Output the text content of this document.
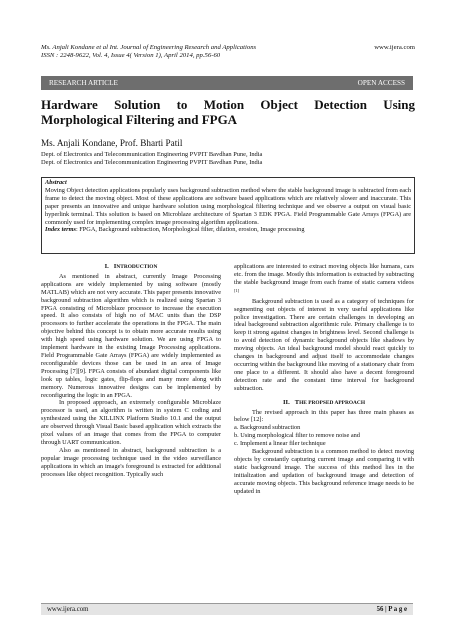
Ms. Anjali Kondane et al Int. Journal of Engineering Research and Applications	www.ijera.com
ISSN : 2248-9622, Vol. 4, Issue 4( Version 1), April 2014, pp.56-60
RESEARCH ARTICLE	OPEN ACCESS
Hardware Solution to Motion Object Detection Using
Morphological Filtering and FPGA
Ms. Anjali Kondane, Prof. Bharti Patil
Dept. of Electronics and Telecommunication Engineering PVPIT Bavdhan Pune, India
Dept. of Electronics and Telecommunication Engineering PVPIT Bavdhan Pune, India
Abstract
Moving Object detection applications popularly uses background subtraction method where the stable background image is subtracted from each frame to detect the moving object. Most of these applications are software based applications which are relatively slower and inaccurate. This paper presents an innovative and unique hardware solution using morphological filtering technique and we observe a output on visual basic hyperlink terminal. This solution is based on Microblaze architecture of Spartan 3 EDK FPGA. Field Programmable Gate Arrays (FPGA) are commonly used for implementing complex image processing algorithm applications.
Index terms: FPGA, Background subtraction, Morphological filter, dilation, erosion, Image processing
I. INTRODUCTION

As mentioned in abstract, currently Image Processing applications are widely implemented by using software (mostly MATLAB) which are not very accurate. This paper presents innovative background subtraction algorithm which is realized using Spartan 3 FPGA consisting of Microblaze processor to increase the execution speed. It also consists of high no of MAC units than the DSP processors to further accelerate the operations in the FPGA. The main objective behind this concept is to obtain more accurate results using with high speed using hardware solution. We are using FPGA to implement hardware in the existing Image Processing applications. Field Programmable Gate Arrays (FPGA) are widely implemented as reconfigurable devices those can be used in an area of Image Processing [7][9]. FPGA consists of abundant digital components like look up tables, logic gates, flip-flops and many more along with memory. Numerous innovative designs can be implemented by reconfiguring the logic in an FPGA.

In proposed approach, an extremely configurable Microblaze processor is used, an algorithm is written in system C coding and synthesized using the XILLINX Platform Studio 10.1 and the output are observed through Visual Basic based application which extracts the pixel values of an image that comes from the FPGA to computer through UART communication.

Also as mentioned in abstract, background subtraction is a popular image processing technique used in the video surveillance applications in which an image's foreground is extracted for additional processes like object recognition. Typically such

applications are interested to extract moving objects like humans, cars etc. from the image. Mostly this information is extracted by subtracting the stable background image from each frame of static camera videos [1]

Background subtraction is used as a category of techniques for segmenting out objects of interest in very useful applications like police investigation. There are certain challenges in developing an ideal background subtraction algorithmic rule. Primary challenge is to keep it strong against changes in brightness level. Second challenge is to avoid detection of dynamic background objects like shadows by moving objects. An ideal background model should react quickly to changes in background and adjust itself to accommodate changes occurring within the background like moving of a stationary chair from one place to a different. It should also have a decent foreground detection rate and the constant time interval for background subtraction.

II. THE PROPSED APPROACH

The revised approach in this paper has three main phases as below [12]:

a. Background subtraction

b. Using morphological filter to remove noise and

c. Implement a linear filer technique

Background subtraction is a common method to detect moving objects by constantly capturing current image and comparing it with static background image. The success of this method lies in the initialization and updation of background image and detection of accurate moving objects. This background reference image needs to be updated in

www.ijera.com	56 | P a g e
